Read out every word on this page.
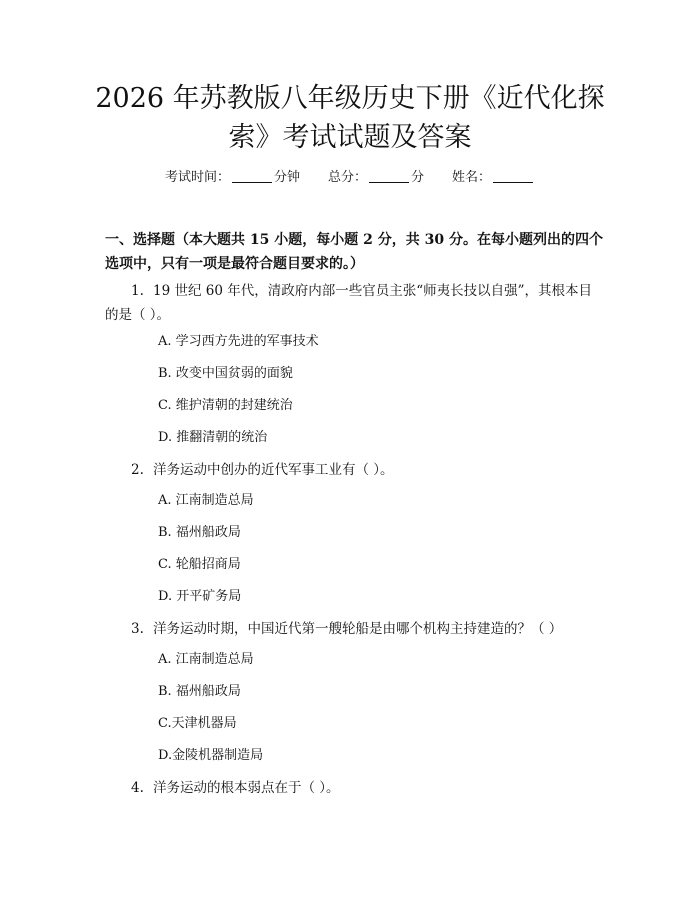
2026 年苏教版八年级历史下册《近代化探
索》考试试题及答案
考试时间：	分钟 总分：	分 姓名：

一、选择题（本大题共 15 小题，每小题 2 分，共 30 分。在每小题列出的四个选项中，只有一项是最符合题目要求的。）

1. 19 世纪 60 年代，清政府内部一些官员主张“师夷长技以自强”，其根本目的是（ ）。

A. 学习西方先进的军事技术

B. 改变中国贫弱的面貌

C. 维护清朝的封建统治

D. 推翻清朝的统治

2. 洋务运动中创办的近代军事工业有（ ）。

A. 江南制造总局

B. 福州船政局

C. 轮船招商局

D. 开平矿务局

3. 洋务运动时期，中国近代第一艘轮船是由哪个机构主持建造的？（ ）

A. 江南制造总局

B. 福州船政局

C.天津机器局

D.金陵机器制造局

4. 洋务运动的根本弱点在于（ ）。
